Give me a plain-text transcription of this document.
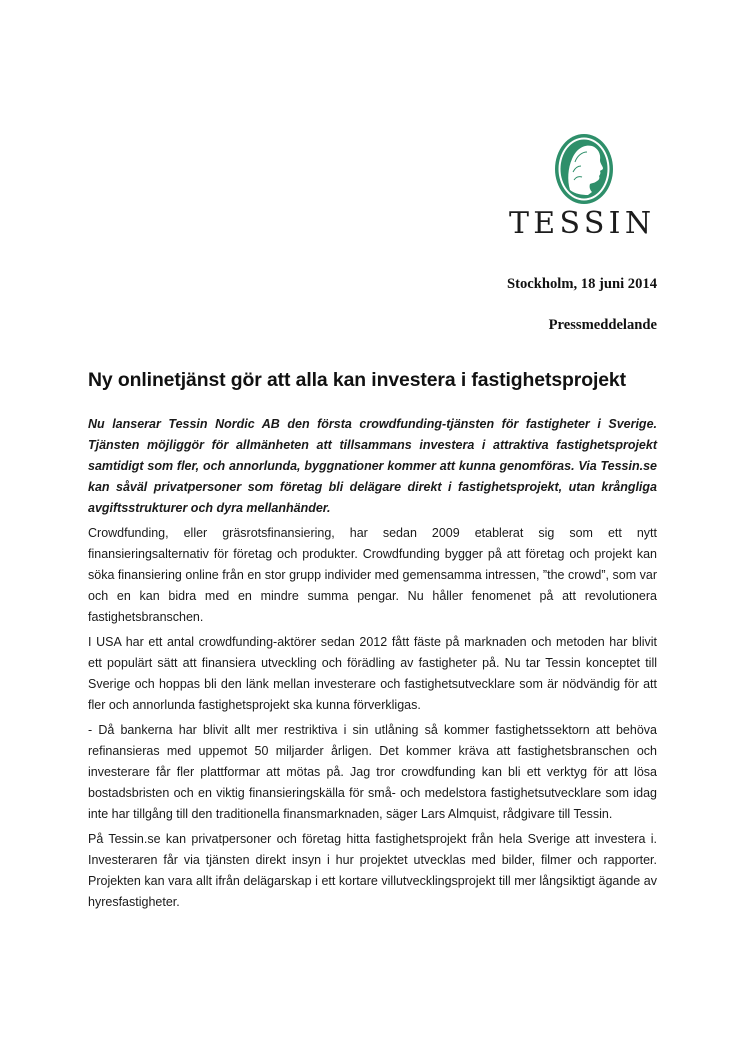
TESSIN
Stockholm, 18 juni 2014
Pressmeddelande
Ny onlinetjänst gör att alla kan investera i fastighetsprojekt

Nu lanserar Tessin Nordic AB den första crowdfunding-tjänsten för fastigheter i Sverige. Tjänsten möjliggör för allmänheten att tillsammans investera i attraktiva fastighetsprojekt samtidigt som fler, och annorlunda, byggnationer kommer att kunna genomföras. Via Tessin.se kan såväl privatpersoner som företag bli delägare direkt i fastighetsprojekt, utan krångliga avgiftsstrukturer och dyra mellanhänder.

Crowdfunding, eller gräsrotsfinansiering, har sedan 2009 etablerat sig som ett nytt finansieringsalternativ för företag och produkter. Crowdfunding bygger på att företag och projekt kan söka finansiering online från en stor grupp individer med gemensamma intressen, ”the crowd”, som var och en kan bidra med en mindre summa pengar. Nu håller fenomenet på att revolutionera fastighetsbranschen.

I USA har ett antal crowdfunding-aktörer sedan 2012 fått fäste på marknaden och metoden har blivit ett populärt sätt att finansiera utveckling och förädling av fastigheter på. Nu tar Tessin konceptet till Sverige och hoppas bli den länk mellan investerare och fastighetsutvecklare som är nödvändig för att fler och annorlunda fastighetsprojekt ska kunna förverkligas.

- Då bankerna har blivit allt mer restriktiva i sin utlåning så kommer fastighetssektorn att behöva refinansieras med uppemot 50 miljarder årligen. Det kommer kräva att fastighetsbranschen och investerare får fler plattformar att mötas på. Jag tror crowdfunding kan bli ett verktyg för att lösa bostadsbristen och en viktig finansieringskälla för små- och medelstora fastighetsutvecklare som idag inte har tillgång till den traditionella finansmarknaden, säger Lars Almquist, rådgivare till Tessin.

På Tessin.se kan privatpersoner och företag hitta fastighetsprojekt från hela Sverige att investera i. Investeraren får via tjänsten direkt insyn i hur projektet utvecklas med bilder, filmer och rapporter. Projekten kan vara allt ifrån delägarskap i ett kortare villutvecklingsprojekt till mer långsiktigt ägande av hyresfastigheter.
